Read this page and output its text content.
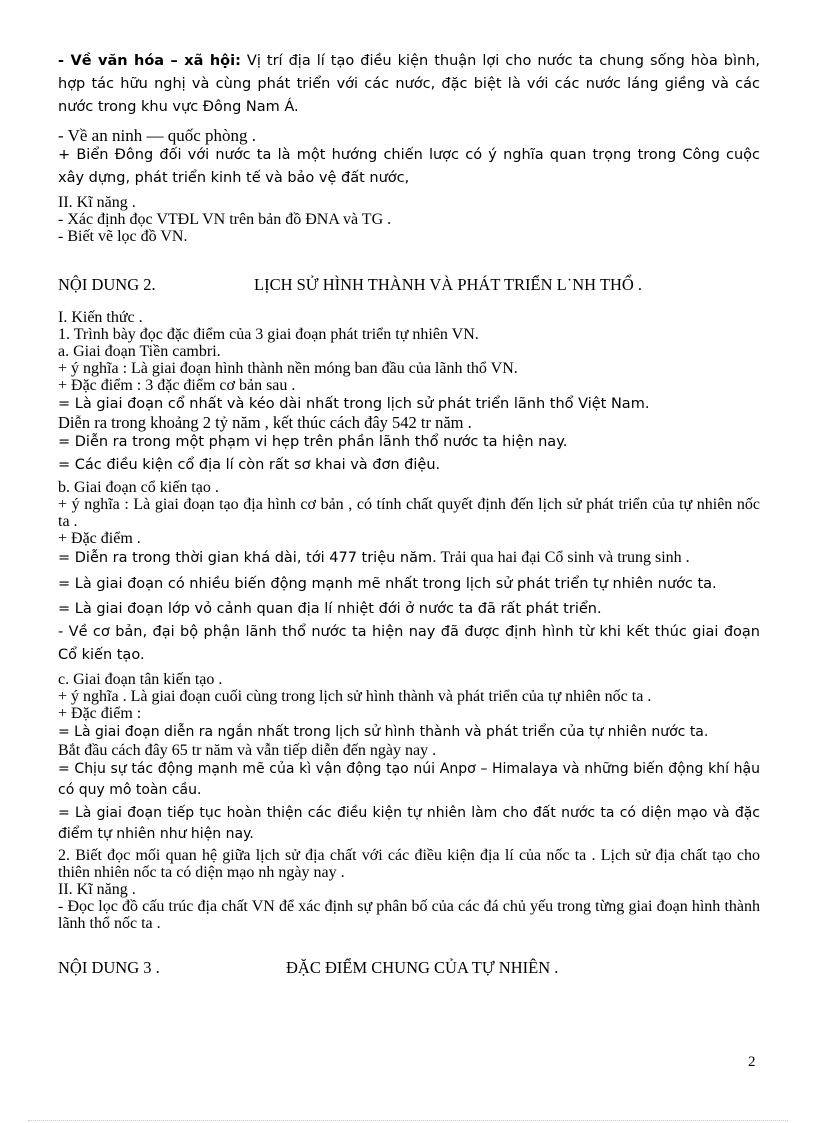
- Về văn hóa – xã hội: Vị trí địa lí tạo điều kiện thuận lợi cho nước ta chung sống hòa bình, hợp tác hữu nghị và cùng phát triển với các nước, đặc biệt là với các nước láng giềng và các nước trong khu vực Đông Nam Á.

- Về an ninh — quốc phòng .

+ Biển Đông đối với nước ta là một hướng chiến lược có ý nghĩa quan trọng trong Công cuộc xây dựng, phát triển kinh tế và bảo vệ đất nước,

II. Kĩ năng .

- Xác định đọc VTĐL VN trên bản đồ ĐNA và TG .

- Biết vẽ lọc đồ VN.

NỘI DUNG 2.	LỊCH SỬ HÌNH THÀNH VÀ PHÁT TRIỂN L˙NH THỔ .

I. Kiến thức .

1. Trình bày đọc đặc điểm của 3 giai đoạn phát triển tự nhiên VN.

a. Giai đoạn Tiền cambri.

+ ý nghĩa : Là giai đoạn hình thành nền móng ban đầu của lãnh thổ VN.

+ Đặc điểm : 3 đặc điểm cơ bản sau .

= Là giai đoạn cổ nhất và kéo dài nhất trong lịch sử phát triển lãnh thổ Việt Nam.

Diễn ra trong khoảng 2 tỷ năm , kết thúc cách đây 542 tr năm .

= Diễn ra trong một phạm vi hẹp trên phần lãnh thổ nước ta hiện nay.

= Các điều kiện cổ địa lí còn rất sơ khai và đơn điệu.

b. Giai đoạn cổ kiến tạo .

+ ý nghĩa : Là giai đoạn tạo địa hình cơ bản , có tính chất quyết định đến lịch sử phát triển của tự nhiên nốc ta .

+ Đặc điểm .

= Diễn ra trong thời gian khá dài, tới 477 triệu năm. Trải qua hai đại Cổ sinh và trung sinh .

= Là giai đoạn có nhiều biến động mạnh mẽ nhất trong lịch sử phát triển tự nhiên nước ta.

= Là giai đoạn lớp vỏ cảnh quan địa lí nhiệt đới ở nước ta đã rất phát triển.

- Về cơ bản, đại bộ phận lãnh thổ nước ta hiện nay đã được định hình từ khi kết thúc giai đoạn Cổ kiến tạo.

c. Giai đoạn tân kiến tạo .

+ ý nghĩa . Là giai đoạn cuối cùng trong lịch sử hình thành và phát triển của tự nhiên nốc ta .

+ Đặc điểm :

= Là giai đoạn diễn ra ngắn nhất trong lịch sử hình thành và phát triển của tự nhiên nước ta.

Bắt đầu cách đây 65 tr năm và vẫn tiếp diễn đến ngày nay .

= Chịu sự tác động mạnh mẽ của kì vận động tạo núi Anpơ – Himalaya và những biến động khí hậu có quy mô toàn cầu.

= Là giai đoạn tiếp tục hoàn thiện các điều kiện tự nhiên làm cho đất nước ta có diện mạo và đặc điểm tự nhiên như hiện nay.

2. Biết đọc mối quan hệ giữa lịch sử địa chất với các điều kiện địa lí của nốc ta . Lịch sử địa chất tạo cho thiên nhiên nốc ta có diện mạo nh ngày nay .

II. Kĩ năng .

- Đọc lọc đồ cấu trúc địa chất VN để xác định sự phân bố của các đá chủ yếu trong từng giai đoạn hình thành lãnh thổ nốc ta .

NỘI DUNG 3 .	ĐẶC ĐIỂM CHUNG CỦA TỰ NHIÊN .
2
